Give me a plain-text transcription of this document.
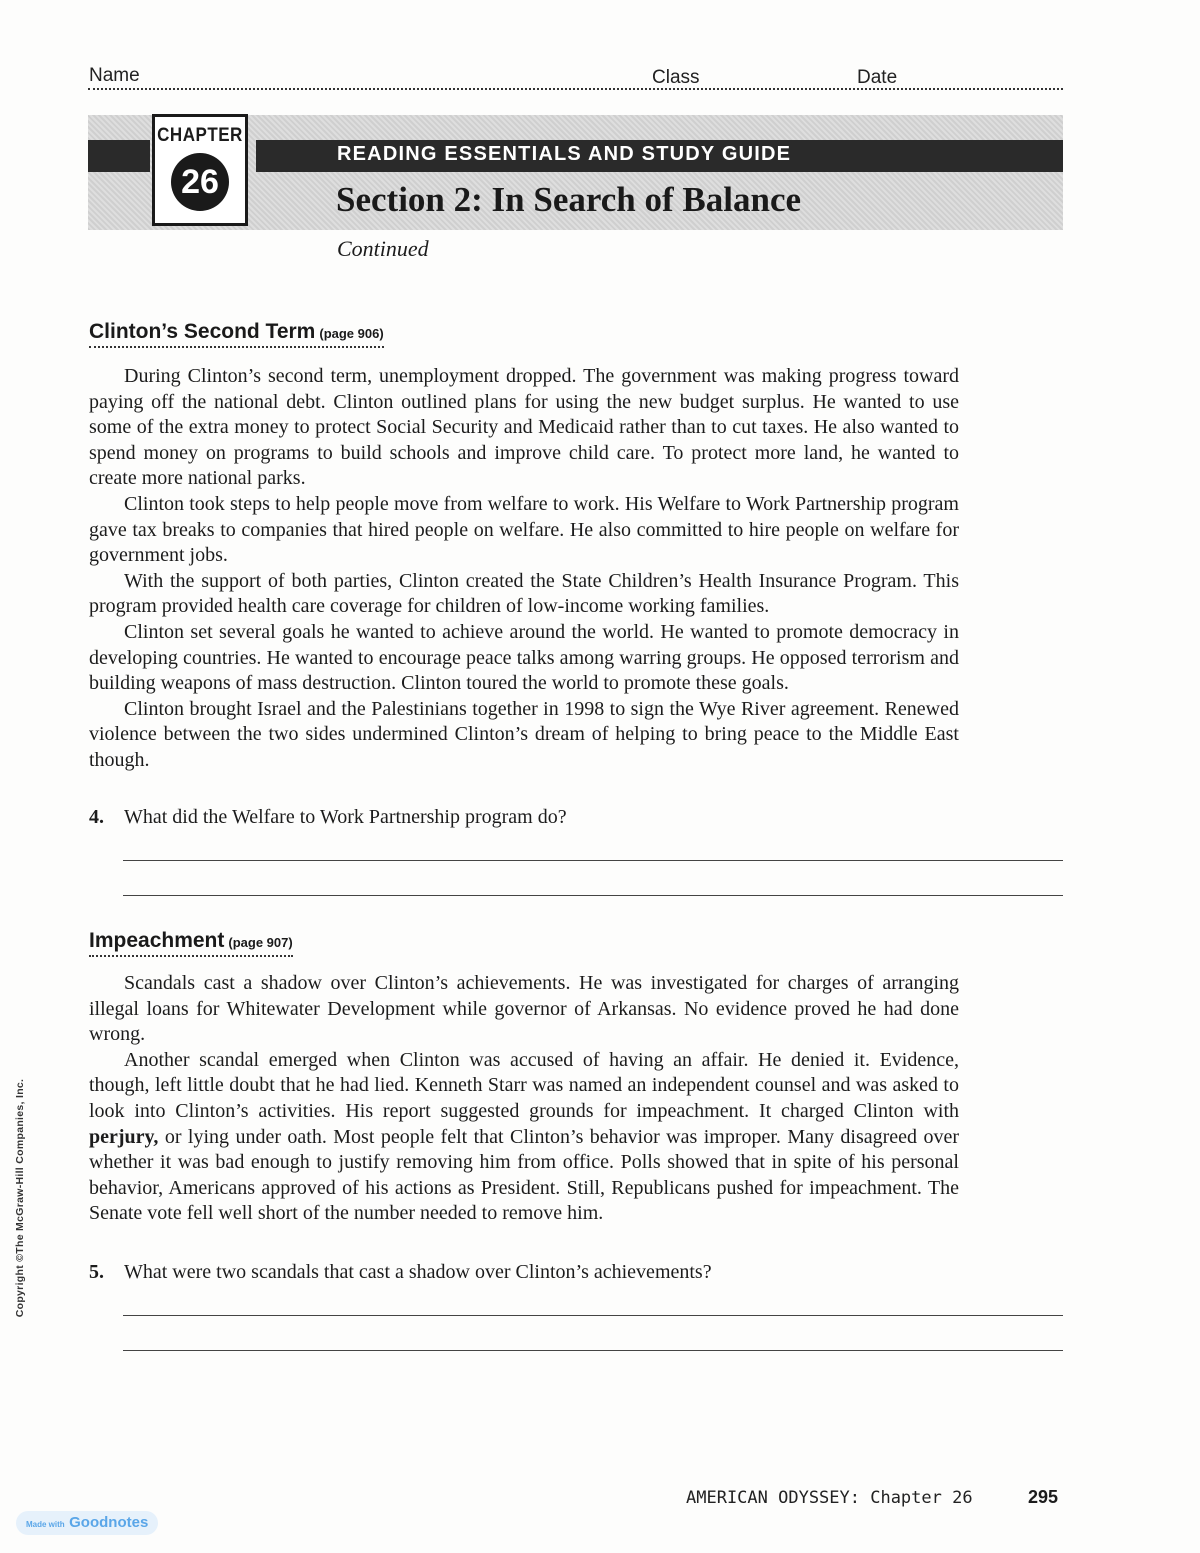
Name	Class	Date
CHAPTER
26
READING ESSENTIALS AND STUDY GUIDE
Section 2: In Search of Balance
Continued
Clinton’s Second Term (page 906)

During Clinton’s second term, unemployment dropped. The government was making progress toward paying off the national debt. Clinton outlined plans for using the new budget surplus. He wanted to use some of the extra money to protect Social Security and Medicaid rather than to cut taxes. He also wanted to spend money on programs to build schools and improve child care. To protect more land, he wanted to create more national parks.

Clinton took steps to help people move from welfare to work. His Welfare to Work Partnership program gave tax breaks to companies that hired people on welfare. He also committed to hire people on welfare for government jobs.

With the support of both parties, Clinton created the State Children’s Health Insurance Program. This program provided health care coverage for children of low-income working families.

Clinton set several goals he wanted to achieve around the world. He wanted to promote democracy in developing countries. He wanted to encourage peace talks among warring groups. He opposed terrorism and building weapons of mass destruction. Clinton toured the world to promote these goals.

Clinton brought Israel and the Palestinians together in 1998 to sign the Wye River agreement. Renewed violence between the two sides undermined Clinton’s dream of helping to bring peace to the Middle East though.

4. What did the Welfare to Work Partnership program do?
Impeachment (page 907)

Scandals cast a shadow over Clinton’s achievements. He was investigated for charges of arranging illegal loans for Whitewater Development while governor of Arkansas. No evidence proved he had done wrong.

Another scandal emerged when Clinton was accused of having an affair. He denied it. Evidence, though, left little doubt that he had lied. Kenneth Starr was named an independent counsel and was asked to look into Clinton’s activities. His report suggested grounds for impeachment. It charged Clinton with perjury, or lying under oath. Most people felt that Clinton’s behavior was improper. Many disagreed over whether it was bad enough to justify removing him from office. Polls showed that in spite of his personal behavior, Americans approved of his actions as President. Still, Republicans pushed for impeachment. The Senate vote fell well short of the number needed to remove him.

5. What were two scandals that cast a shadow over Clinton’s achievements?
Copyright ©The McGraw-Hill Companies, Inc.
AMERICAN ODYSSEY: Chapter 26	295
Made with Goodnotes
